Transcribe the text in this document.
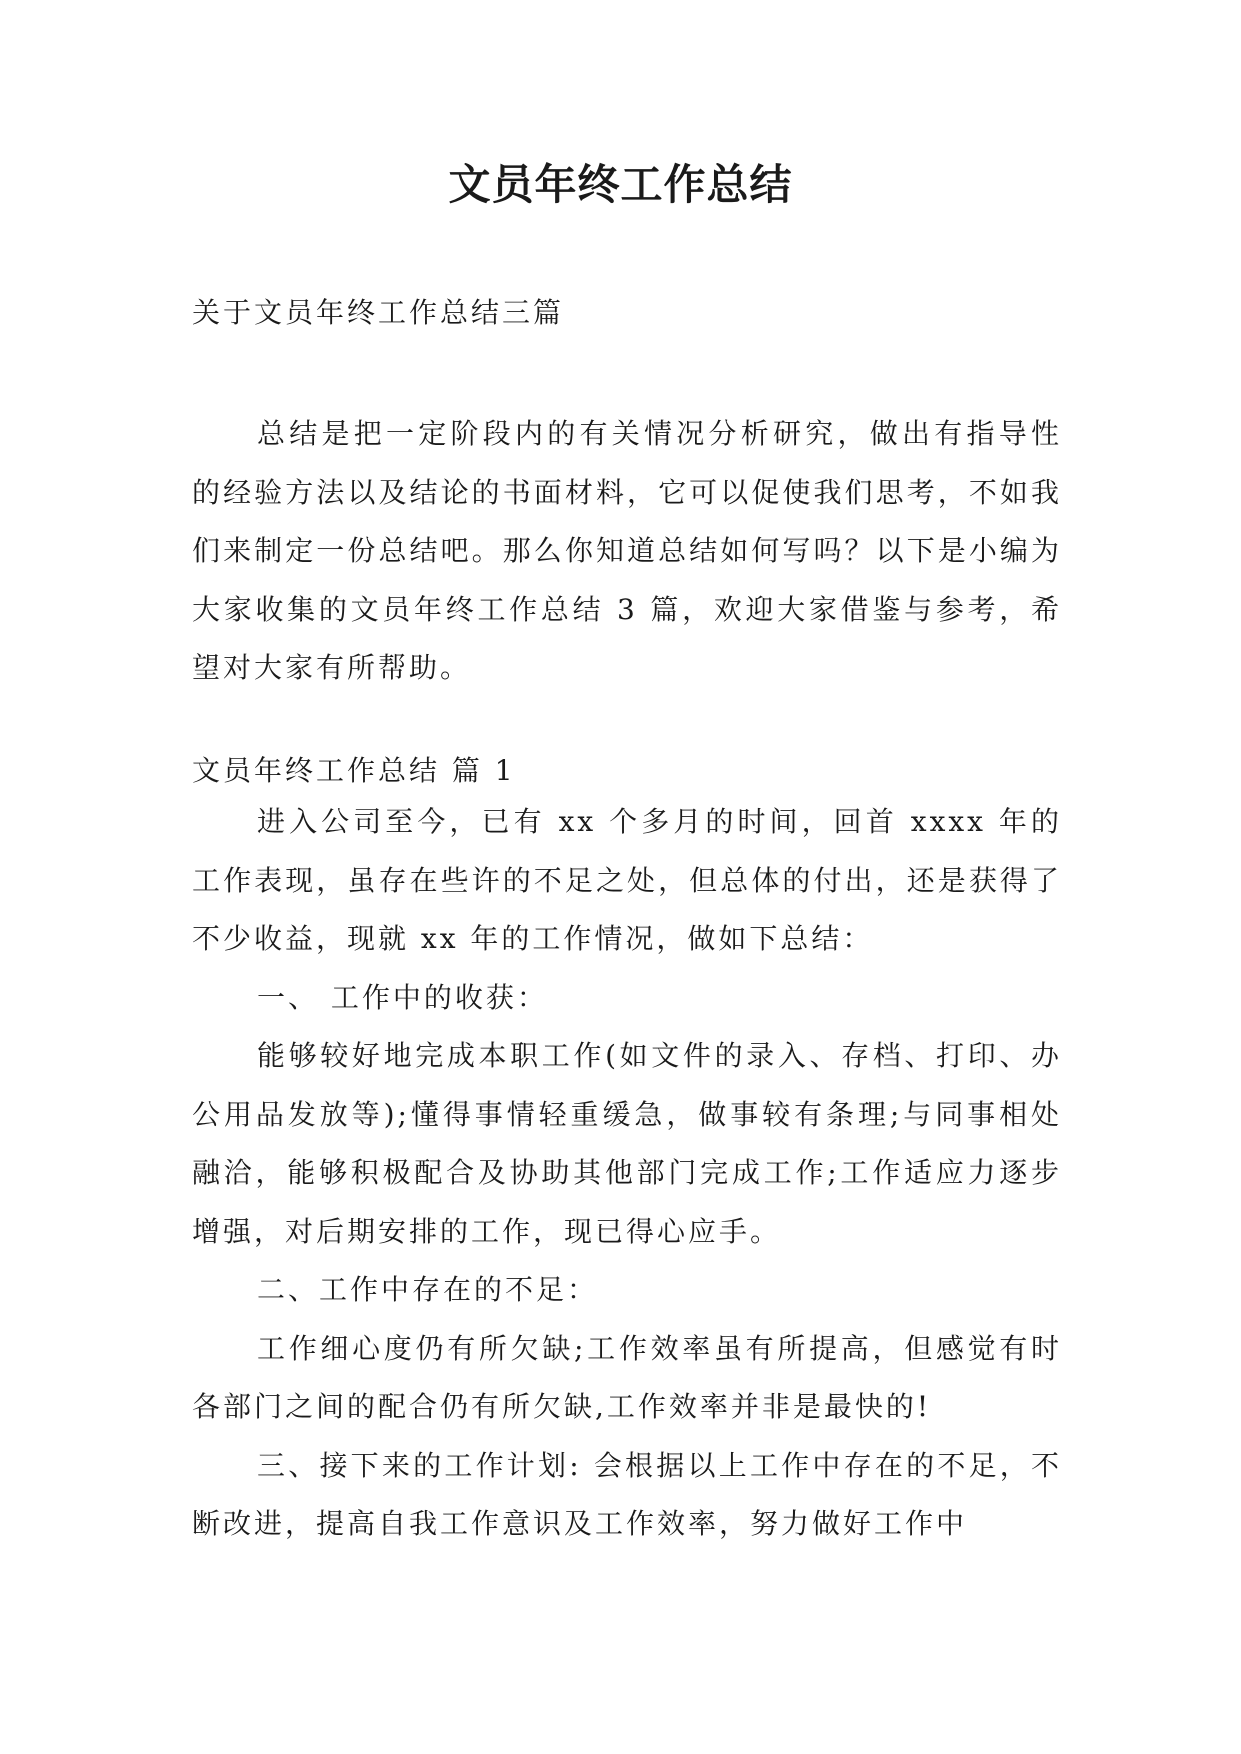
文员年终工作总结
关于文员年终工作总结三篇

总结是把一定阶段内的有关情况分析研究，做出有指导性的经验方法以及结论的书面材料，它可以促使我们思考，不如我们来制定一份总结吧。那么你知道总结如何写吗？以下是小编为大家收集的文员年终工作总结 3 篇，欢迎大家借鉴与参考，希望对大家有所帮助。

文员年终工作总结 篇 1

进入公司至今，已有 xx 个多月的时间，回首 xxxx 年的工作表现，虽存在些许的不足之处，但总体的付出，还是获得了不少收益，现就 xx 年的工作情况，做如下总结：

一、 工作中的收获：

能够较好地完成本职工作(如文件的录入、存档、打印、办公用品发放等);懂得事情轻重缓急，做事较有条理;与同事相处融洽，能够积极配合及协助其他部门完成工作;工作适应力逐步增强，对后期安排的工作，现已得心应手。

二、工作中存在的不足：

工作细心度仍有所欠缺;工作效率虽有所提高，但感觉有时各部门之间的配合仍有所欠缺,工作效率并非是最快的!

三、接下来的工作计划: 会根据以上工作中存在的不足，不断改进，提高自我工作意识及工作效率，努力做好工作中
